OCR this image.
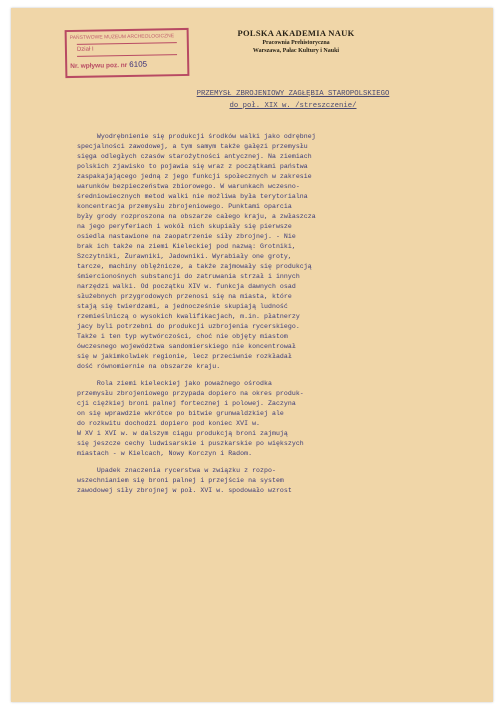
PAŃSTWOWE MUZEUM ARCHEOLOGICZNE
Dział I
Nr. wpływu poz. nr 6105
POLSKA AKADEMIA NAUK
Pracownia Prehistoryczna
Warszawa, Pałac Kultury i Nauki
PRZEMYSŁ ZBROJENIOWY ZAGŁĘBIA STAROPOLSKIEGO
do poł. XIX w. /streszczenie/
Wyodrębnienie się produkcji środków walki jako odrębnej
specjalności zawodowej, a tym samym także gałęzi przemysłu
sięga odległych czasów starożytności antycznej. Na ziemiach
polskich zjawisko to pojawia się wraz z początkami państwa
zaspakajającego jedną z jego funkcji społecznych w zakresie
warunków bezpieczeństwa zbiorowego. W warunkach wczesno-
średniowiecznych metod walki nie możliwa była terytorialna
koncentracja przemysłu zbrojeniowego. Punktami oparcia
były grody rozproszona na obszarze całego kraju, a zwłaszcza
na jego peryferiach i wokół nich skupiały się pierwsze
osiedla nastawione na zaopatrzenie siły zbrojnej. - Nie
brak ich także na ziemi Kieleckiej pod nazwą: Grotniki,
Szczytniki, Żurawniki, Jadowniki. Wyrabiały one groty,
tarcze, machiny oblężnicze, a także zajmowały się produkcją
śmiercionośnych substancji do zatruwania strzał i innych
narzędzi walki. Od początku XIV w. funkcja dawnych osad
służebnych przygrodowych przenosi się na miasta, które
stają się twierdzami, a jednocześnie skupiają ludność
rzemieślniczą o wysokich kwalifikacjach, m.in. płatnerzy
jacy byli potrzebni do produkcji uzbrojenia rycerskiego.
Także i ten typ wytwórczości, choć nie objęty miastom
ówczesnego województwa sandomierskiego nie koncentrował
się w jakimkolwiek regionie, lecz przeciwnie rozkładał
dość równomiernie na obszarze kraju.
Rola ziemi kieleckiej jako poważnego ośrodka
przemysłu zbrojeniowego przypada dopiero na okres produk-
cji ciężkiej broni palnej fortecznej i polowej. Zaczyna
on się wprawdzie wkrótce po bitwie grunwaldzkiej ale
do rozkwitu dochodzi dopiero pod koniec XVI w.
W XV i XVI w. w dalszym ciągu produkcją broni zajmują
się jeszcze cechy ludwisarskie i puszkarskie po większych
miastach - w Kielcach, Nowy Korczyn i Radom.
Upadek znaczenia rycerstwa w związku z rozpo-
wszechnianiem się broni palnej i przejście na system
zawodowej siły zbrojnej w poł. XVI w. spodowało wzrost
